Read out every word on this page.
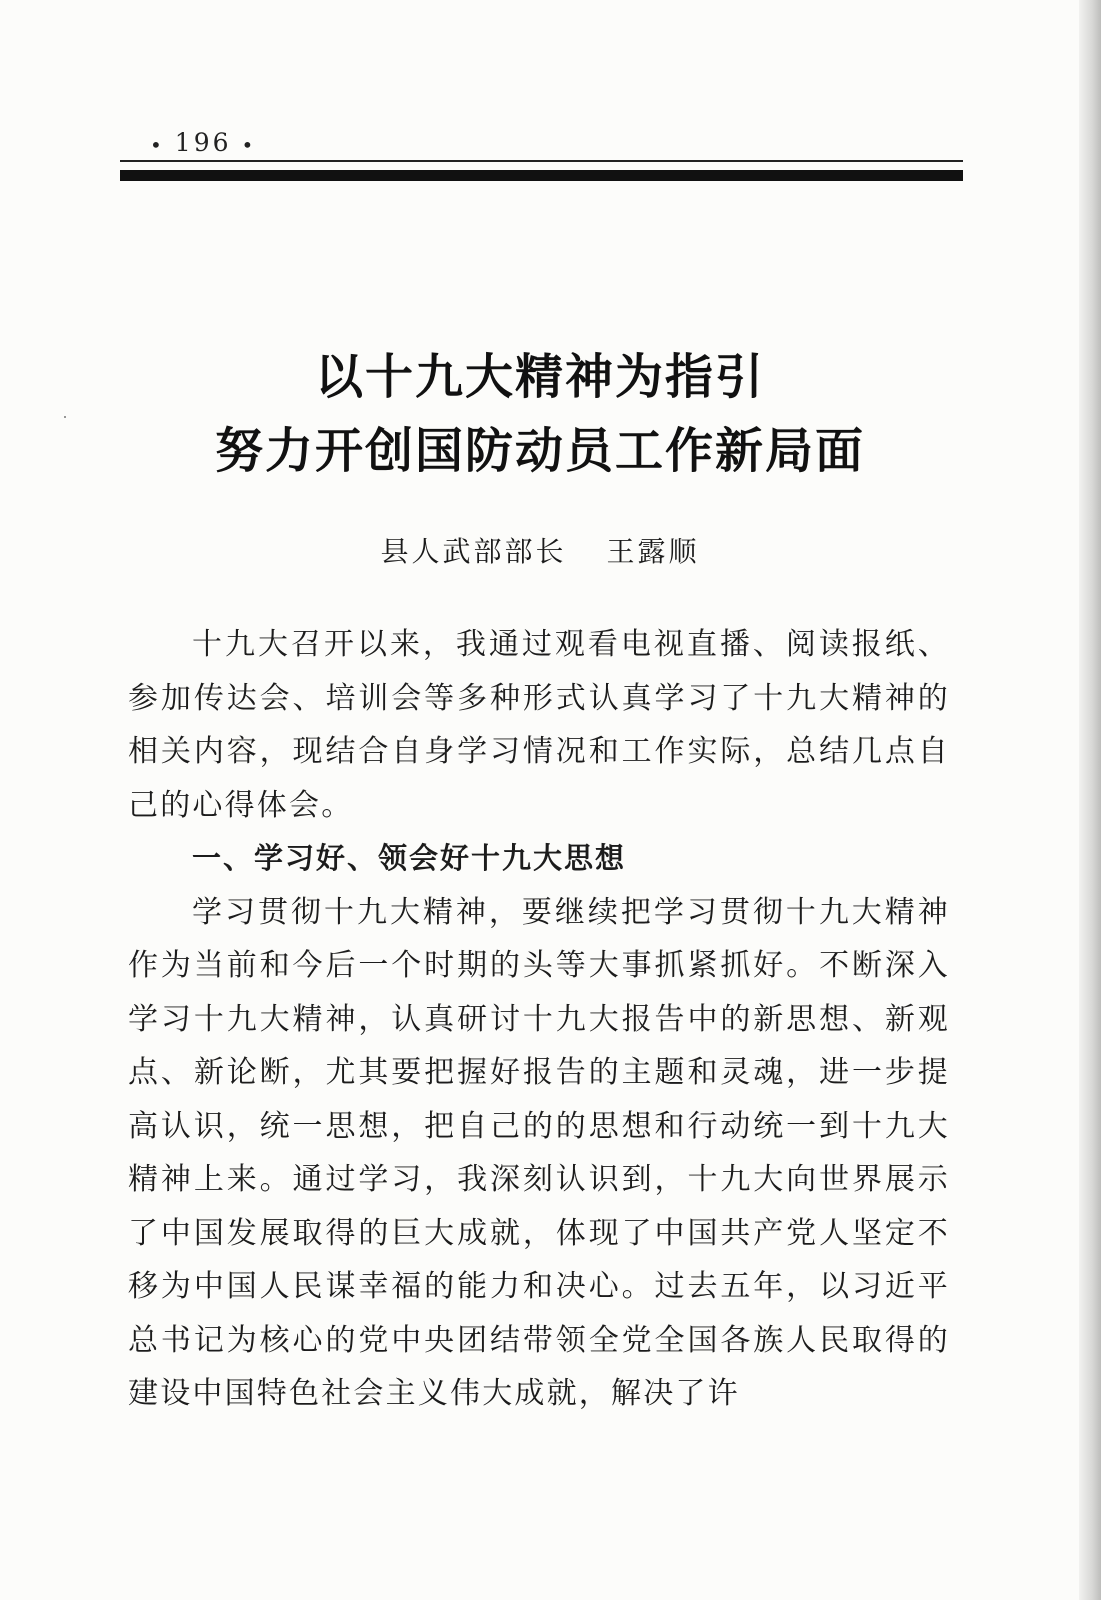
• 196 •
以十九大精神为指引
努力开创国防动员工作新局面
县人武部部长 王露顺

十九大召开以来，我通过观看电视直播、阅读报纸、参加传达会、培训会等多种形式认真学习了十九大精神的相关内容，现结合自身学习情况和工作实际，总结几点自己的心得体会。

一、学习好、领会好十九大思想

学习贯彻十九大精神，要继续把学习贯彻十九大精神作为当前和今后一个时期的头等大事抓紧抓好。不断深入学习十九大精神，认真研讨十九大报告中的新思想、新观点、新论断，尤其要把握好报告的主题和灵魂，进一步提高认识，统一思想，把自己的的思想和行动统一到十九大精神上来。通过学习，我深刻认识到，十九大向世界展示了中国发展取得的巨大成就，体现了中国共产党人坚定不移为中国人民谋幸福的能力和决心。过去五年，以习近平总书记为核心的党中央团结带领全党全国各族人民取得的建设中国特色社会主义伟大成就，解决了许
